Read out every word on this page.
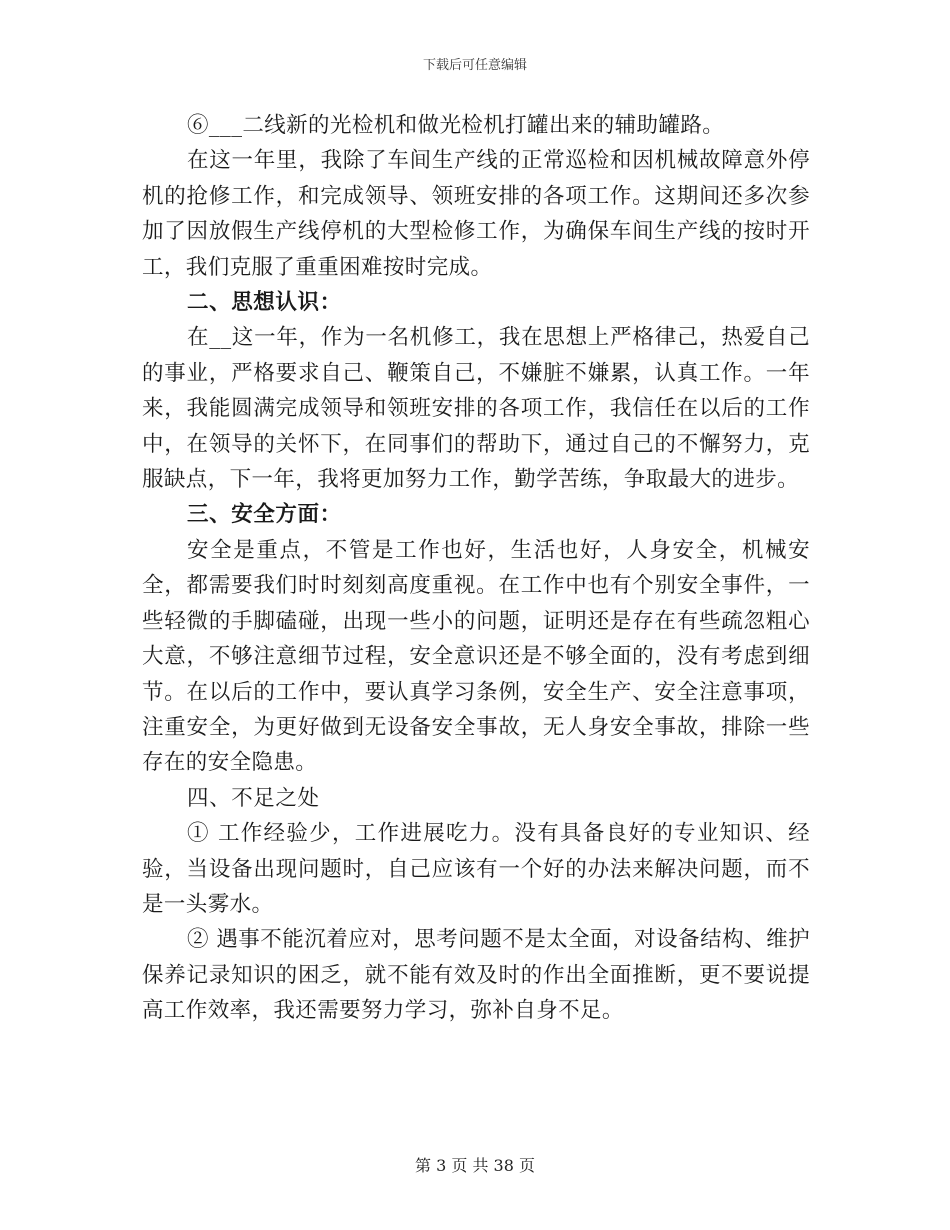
下载后可任意编辑

⑥___二线新的光检机和做光检机打罐出来的辅助罐路。

在这一年里，我除了车间生产线的正常巡检和因机械故障意外停机的抢修工作，和完成领导、领班安排的各项工作。这期间还多次参加了因放假生产线停机的大型检修工作，为确保车间生产线的按时开工，我们克服了重重困难按时完成。

二、思想认识：

在__这一年，作为一名机修工，我在思想上严格律己，热爱自己的事业，严格要求自己、鞭策自己，不嫌脏不嫌累，认真工作。一年来，我能圆满完成领导和领班安排的各项工作，我信任在以后的工作中，在领导的关怀下，在同事们的帮助下，通过自己的不懈努力，克服缺点，下一年，我将更加努力工作，勤学苦练，争取最大的进步。

三、安全方面：

安全是重点，不管是工作也好，生活也好，人身安全，机械安全，都需要我们时时刻刻高度重视。在工作中也有个别安全事件，一些轻微的手脚磕碰，出现一些小的问题，证明还是存在有些疏忽粗心大意，不够注意细节过程，安全意识还是不够全面的，没有考虑到细节。在以后的工作中，要认真学习条例，安全生产、安全注意事项，注重安全，为更好做到无设备安全事故，无人身安全事故，排除一些存在的安全隐患。

四、不足之处

① 工作经验少，工作进展吃力。没有具备良好的专业知识、经验，当设备出现问题时，自己应该有一个好的办法来解决问题，而不是一头雾水。

② 遇事不能沉着应对，思考问题不是太全面，对设备结构、维护保养记录知识的困乏，就不能有效及时的作出全面推断，更不要说提高工作效率，我还需要努力学习，弥补自身不足。

第 3 页 共 38 页
